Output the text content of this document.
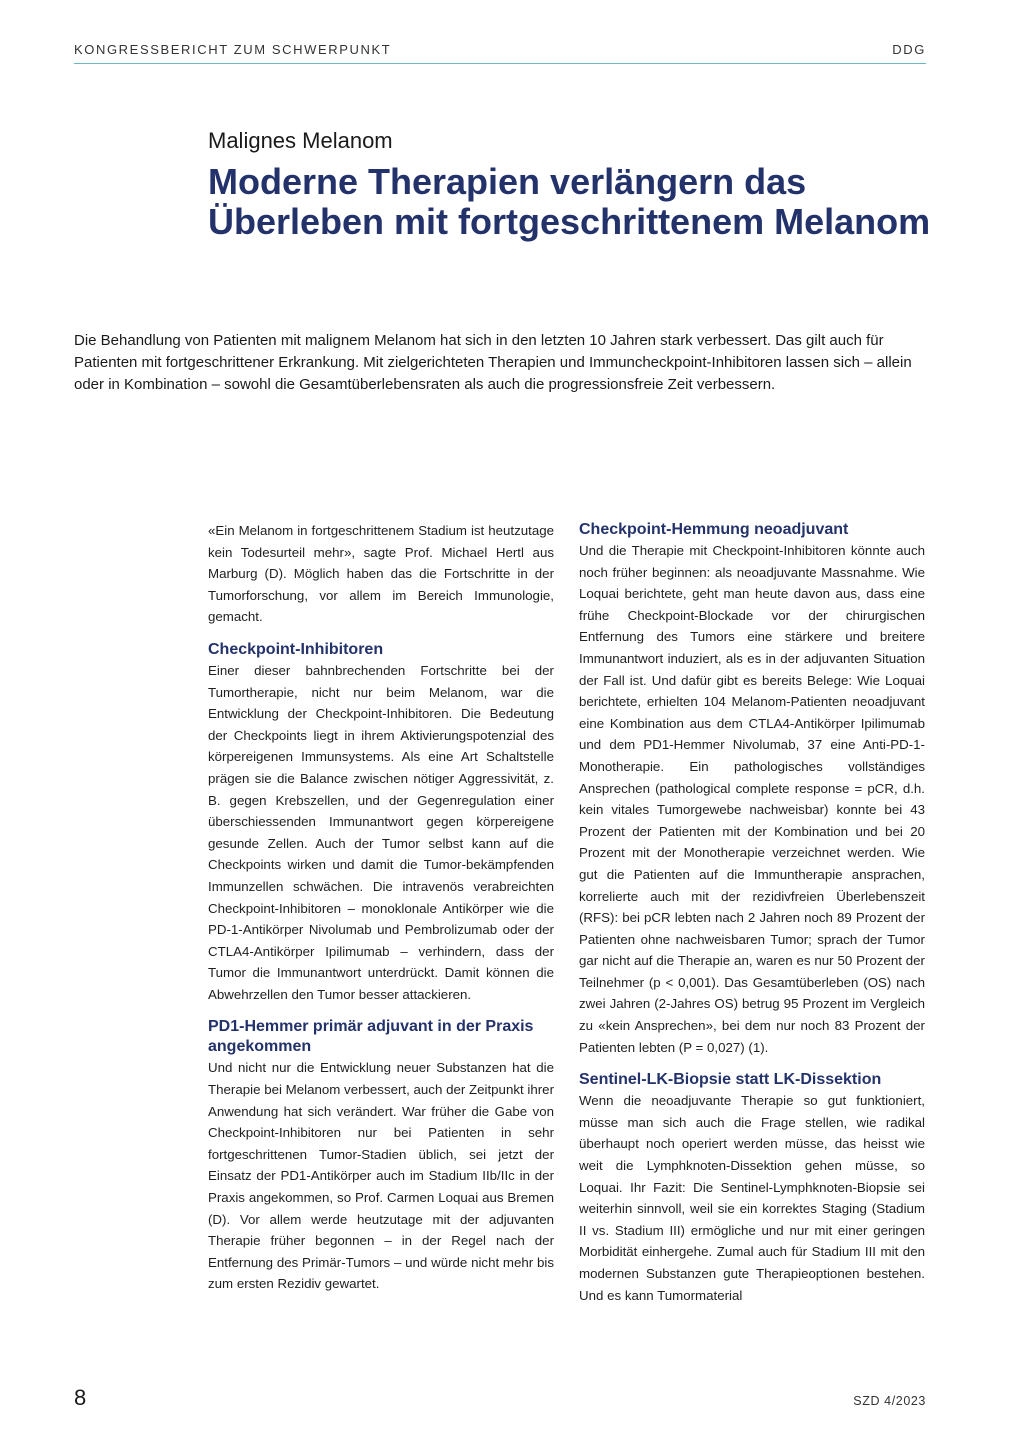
KONGRESSBERICHT ZUM SCHWERPUNKT	DDG
Malignes Melanom
Moderne Therapien verlängern das Überleben mit fortgeschrittenem Melanom

Die Behandlung von Patienten mit malignem Melanom hat sich in den letzten 10 Jahren stark verbessert. Das gilt auch für Patienten mit fortgeschrittener Erkrankung. Mit zielgerichteten Therapien und Immuncheckpoint-Inhibitoren lassen sich – allein oder in Kombination – sowohl die Gesamtüberlebensraten als auch die progressionsfreie Zeit verbessern.

«Ein Melanom in fortgeschrittenem Stadium ist heutzutage kein Todesurteil mehr», sagte Prof. Michael Hertl aus Marburg (D). Möglich haben das die Fortschritte in der Tumorforschung, vor allem im Bereich Immunologie, gemacht.

Checkpoint-Inhibitoren

Einer dieser bahnbrechenden Fortschritte bei der Tumortherapie, nicht nur beim Melanom, war die Entwicklung der Checkpoint-Inhibitoren. Die Bedeutung der Checkpoints liegt in ihrem Aktivierungspotenzial des körpereigenen Immunsystems. Als eine Art Schaltstelle prägen sie die Balance zwischen nötiger Aggressivität, z. B. gegen Krebszellen, und der Gegenregulation einer überschiessenden Immunantwort gegen körpereigene gesunde Zellen. Auch der Tumor selbst kann auf die Checkpoints wirken und damit die Tumor-bekämpfenden Immunzellen schwächen. Die intravenös verabreichten Checkpoint-Inhibitoren – monoklonale Antikörper wie die PD-1-Antikörper Nivolumab und Pembrolizumab oder der CTLA4-Antikörper Ipilimumab – verhindern, dass der Tumor die Immunantwort unterdrückt. Damit können die Abwehrzellen den Tumor besser attackieren.

PD1-Hemmer primär adjuvant in der Praxis angekommen

Und nicht nur die Entwicklung neuer Substanzen hat die Therapie bei Melanom verbessert, auch der Zeitpunkt ihrer Anwendung hat sich verändert. War früher die Gabe von Checkpoint-Inhibitoren nur bei Patienten in sehr fortgeschrittenen Tumor-Stadien üblich, sei jetzt der Einsatz der PD1-Antikörper auch im Stadium IIb/IIc in der Praxis angekommen, so Prof. Carmen Loquai aus Bremen (D). Vor allem werde heutzutage mit der adjuvanten Therapie früher begonnen – in der Regel nach der Entfernung des Primär-Tumors – und würde nicht mehr bis zum ersten Rezidiv gewartet.

Checkpoint-Hemmung neoadjuvant

Und die Therapie mit Checkpoint-Inhibitoren könnte auch noch früher beginnen: als neoadjuvante Massnahme. Wie Loquai berichtete, geht man heute davon aus, dass eine frühe Checkpoint-Blockade vor der chirurgischen Entfernung des Tumors eine stärkere und breitere Immunantwort induziert, als es in der adjuvanten Situation der Fall ist. Und dafür gibt es bereits Belege: Wie Loquai berichtete, erhielten 104 Melanom-Patienten neoadjuvant eine Kombination aus dem CTLA4-Antikörper Ipilimumab und dem PD1-Hemmer Nivolumab, 37 eine Anti-PD-1-Monotherapie. Ein pathologisches vollständiges Ansprechen (pathological complete response = pCR, d.h. kein vitales Tumorgewebe nachweisbar) konnte bei 43 Prozent der Patienten mit der Kombination und bei 20 Prozent mit der Monotherapie verzeichnet werden. Wie gut die Patienten auf die Immuntherapie ansprachen, korrelierte auch mit der rezidivfreien Überlebenszeit (RFS): bei pCR lebten nach 2 Jahren noch 89 Prozent der Patienten ohne nachweisbaren Tumor; sprach der Tumor gar nicht auf die Therapie an, waren es nur 50 Prozent der Teilnehmer (p < 0,001). Das Gesamtüberleben (OS) nach zwei Jahren (2-Jahres OS) betrug 95 Prozent im Vergleich zu «kein Ansprechen», bei dem nur noch 83 Prozent der Patienten lebten (P = 0,027) (1).

Sentinel-LK-Biopsie statt LK-Dissektion

Wenn die neoadjuvante Therapie so gut funktioniert, müsse man sich auch die Frage stellen, wie radikal überhaupt noch operiert werden müsse, das heisst wie weit die Lymphknoten-Dissektion gehen müsse, so Loquai. Ihr Fazit: Die Sentinel-Lymphknoten-Biopsie sei weiterhin sinnvoll, weil sie ein korrektes Staging (Stadium II vs. Stadium III) ermögliche und nur mit einer geringen Morbidität einhergehe. Zumal auch für Stadium III mit den modernen Substanzen gute Therapieoptionen bestehen. Und es kann Tumormaterial

8	SZD 4/2023
